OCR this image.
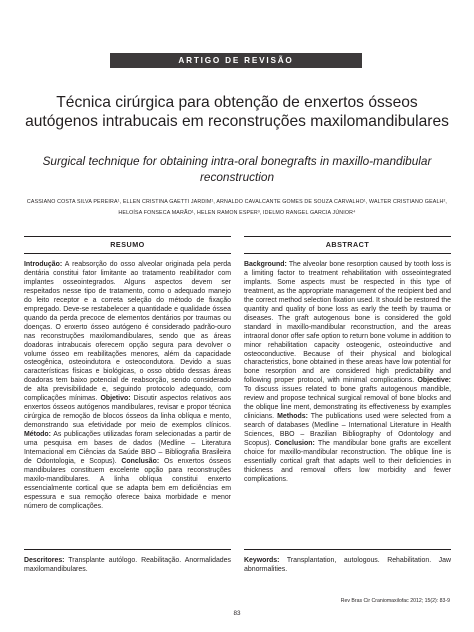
ARTIGO DE REVISÃO
Técnica cirúrgica para obtenção de enxertos ósseos autógenos intrabucais em reconstruções maxilomandibulares
Surgical technique for obtaining intra-oral bonegrafts in maxillo-mandibular reconstruction

CASSIANO COSTA SILVA PEREIRA¹, ELLEN CRISTINA GAETTI JARDIM¹, ARNALDO CAVALCANTE GOMES DE SOUZA CARVALHO¹, WALTER CRISTIANO GEALH², HELOÍSA FONSECA MARÃO¹, HELEN RAMON ESPER³, IDELMO RANGEL GARCIA JÚNIOR⁴

RESUMO
Introdução: A reabsorção do osso alveolar originada pela perda dentária constitui fator limitante ao tratamento reabilitador com implantes osseointegrados. Alguns aspectos devem ser respeitados nesse tipo de tratamento, como o adequado manejo do leito receptor e a correta seleção do método de fixação empregado. Deve-se restabelecer a quantidade e qualidade óssea quando da perda precoce de elementos dentários por traumas ou doenças. O enxerto ósseo autógeno é considerado padrão-ouro nas reconstruções maxilomandibulares, sendo que as áreas doadoras intrabucais oferecem opção segura para devolver o volume ósseo em reabilitações menores, além da capacidade osteogênica, osteoindutora e osteocondutora. Devido a suas características físicas e biológicas, o osso obtido dessas áreas doadoras tem baixo potencial de reabsorção, sendo considerado de alta previsibilidade e, seguindo protocolo adequado, com complicações mínimas. Objetivo: Discutir aspectos relativos aos enxertos ósseos autógenos mandibulares, revisar e propor técnica cirúrgica de remoção de blocos ósseos da linha oblíqua e mento, demonstrando sua efetividade por meio de exemplos clínicos. Método: As publicações utilizadas foram selecionadas a partir de uma pesquisa em bases de dados (Medline – Literatura Internacional em Ciências da Saúde BBO – Bibliografia Brasileira de Odontologia, e Scopus). Conclusão: Os enxertos ósseos mandibulares constituem excelente opção para reconstruções maxilo-mandibulares. A linha oblíqua constitui enxerto essencialmente cortical que se adapta bem em deficiências em espessura e sua remoção oferece baixa morbidade e menor número de complicações.
Descritores: Transplante autólogo. Reabilitação. Anormalidades maxilomandibulares.
ABSTRACT
Background: The alveolar bone resorption caused by tooth loss is a limiting factor to treatment rehabilitation with osseointegrated implants. Some aspects must be respected in this type of treatment, as the appropriate management of the recipient bed and the correct method selection fixation used. It should be restored the quantity and quality of bone loss as early the teeth by trauma or diseases. The graft autogenous bone is considered the gold standard in maxillo-mandibular reconstruction, and the areas intraoral donor offer safe option to return bone volume in addition to minor rehabilitation capacity osteogenic, osteoinductive and osteoconductive. Because of their physical and biological characteristics, bone obtained in these areas have low potential for bone resorption and are considered high predictability and following proper protocol, with minimal complications. Objective: To discuss issues related to bone grafts autogenous mandible, review and propose technical surgical removal of bone blocks and the oblique line ment, demonstrating its effectiveness by examples clinicians. Methods: The publications used were selected from a search of databases (Medline – International Literature in Health Sciences, BBO – Brazilian Bibliography of Odontology and Scopus). Conclusion: The mandibular bone grafts are excellent choice for maxillo-mandibular reconstruction. The oblique line is essentially cortical graft that adapts well to their deficiencies in thickness and removal offers low morbidity and fewer complications.
Keywords: Transplantation, autologous. Rehabilitation. Jaw abnormalities.
Rev Bras Cir Craniomaxilofac 2012; 15(2): 83-9
83
